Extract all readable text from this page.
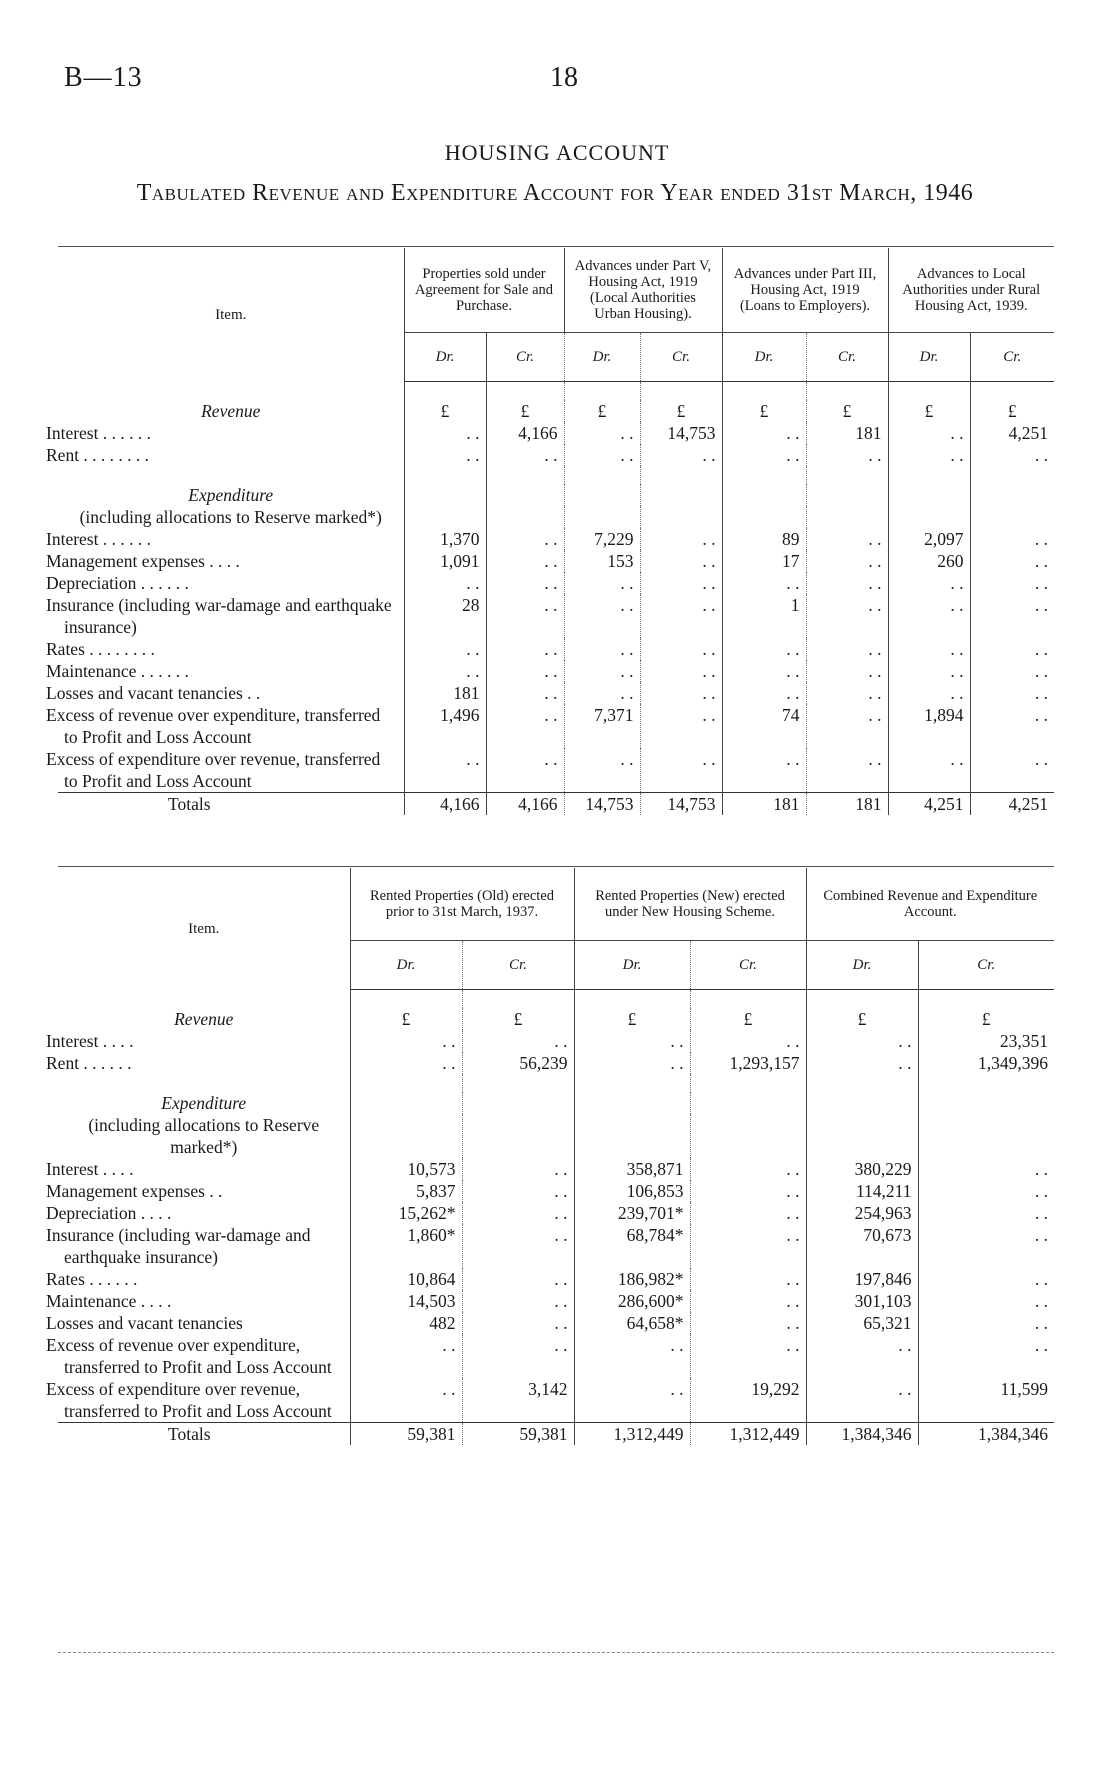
B—13	18
HOUSING ACCOUNT
Tabulated Revenue and Expenditure Account for Year ended 31st March, 1946
Item.	Properties sold under Agreement for Sale and Purchase.		Advances under Part V, Housing Act, 1919 (Local Authorities Urban Housing).		Advances under Part III, Housing Act, 1919 (Loans to Employers).		Advances to Local Authorities under Rural Housing Act, 1939.	
	Dr.	Cr.	Dr.	Cr.	Dr.	Cr.	Dr.	Cr.

Revenue	£	£	£	£	£	£	£	£
Interest . . . . . .	. .	4,166	. .	14,753	. .	181	. .	4,251
Rent . . . . . . . .	. .	. .	. .	. .	. .	. .	. .	. .

Expenditure								
(including allocations to Reserve marked*)								
Interest . . . . . .	1,370	. .	7,229	. .	89	. .	2,097	. .
Management expenses . . . .	1,091	. .	153	. .	17	. .	260	. .
Depreciation . . . . . .	. .	. .	. .	. .	. .	. .	. .	. .
Insurance (including war-damage and earthquake insurance)	28	. .	. .	. .	1	. .	. .	. .
Rates . . . . . . . .	. .	. .	. .	. .	. .	. .	. .	. .
Maintenance . . . . . .	. .	. .	. .	. .	. .	. .	. .	. .
Losses and vacant tenancies . .	181	. .	. .	. .	. .	. .	. .	. .
Excess of revenue over expenditure, transferred to Profit and Loss Account	1,496	. .	7,371	. .	74	. .	1,894	. .
Excess of expenditure over revenue, transferred to Profit and Loss Account	. .	. .	. .	. .	. .	. .	. .	. .
Totals	4,166	4,166	14,753	14,753	181	181	4,251	4,251
Item.	Rented Properties (Old) erected prior to 31st March, 1937.		Rented Properties (New) erected under New Housing Scheme.		Combined Revenue and Expenditure Account.	
	Dr.	Cr.	Dr.	Cr.	Dr.	Cr.

Revenue	£	£	£	£	£	£
Interest . . . .	. .	. .	. .	. .	. .	23,351
Rent . . . . . .	. .	56,239	. .	1,293,157	. .	1,349,396

Expenditure						
(including allocations to Reserve marked*)						
Interest . . . .	10,573	. .	358,871	. .	380,229	. .
Management expenses . .	5,837	. .	106,853	. .	114,211	. .
Depreciation . . . .	15,262*	. .	239,701*	. .	254,963	. .
Insurance (including war-damage and earthquake insurance)	1,860*	. .	68,784*	. .	70,673	. .
Rates . . . . . .	10,864	. .	186,982*	. .	197,846	. .
Maintenance . . . .	14,503	. .	286,600*	. .	301,103	. .
Losses and vacant tenancies	482	. .	64,658*	. .	65,321	. .
Excess of revenue over expenditure, transferred to Profit and Loss Account	. .	. .	. .	. .	. .	. .
Excess of expenditure over revenue, transferred to Profit and Loss Account	. .	3,142	. .	19,292	. .	11,599
Totals	59,381	59,381	1,312,449	1,312,449	1,384,346	1,384,346
